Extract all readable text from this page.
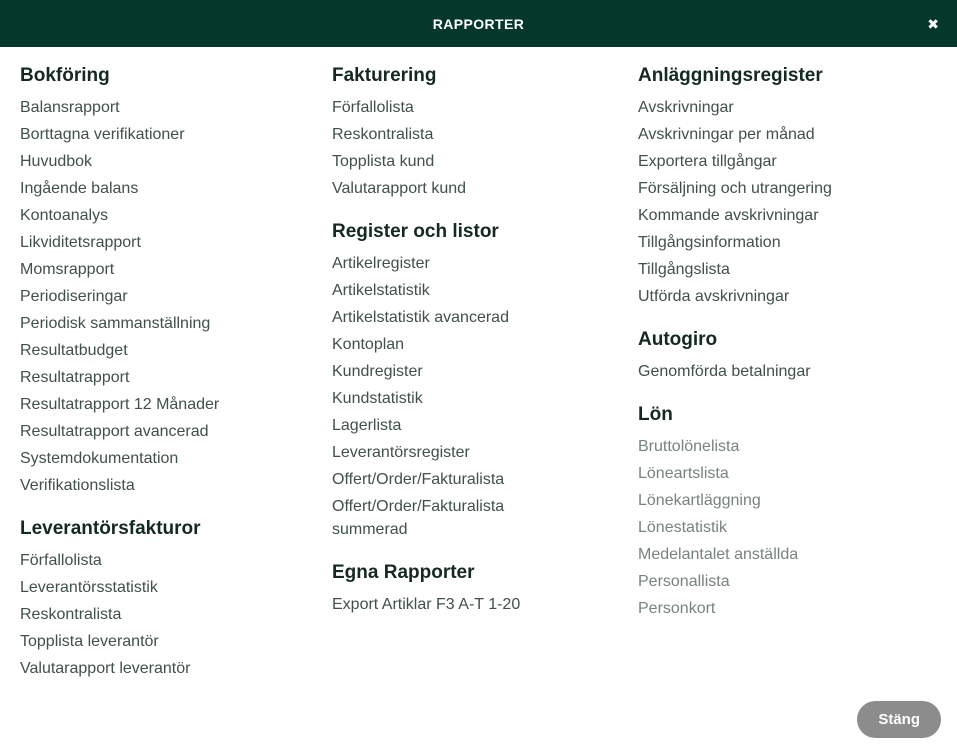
RAPPORTER	✖
Bokföring
Balansrapport
Borttagna verifikationer
Huvudbok
Ingående balans
Kontoanalys
Likviditetsrapport
Momsrapport
Periodiseringar
Periodisk sammanställning
Resultatbudget
Resultatrapport
Resultatrapport 12 Månader
Resultatrapport avancerad
Systemdokumentation
Verifikationslista
Leverantörsfakturor
Förfallolista
Leverantörsstatistik
Reskontralista
Topplista leverantör
Valutarapport leverantör
Fakturering
Förfallolista
Reskontralista
Topplista kund
Valutarapport kund
Register och listor
Artikelregister
Artikelstatistik
Artikelstatistik avancerad
Kontoplan
Kundregister
Kundstatistik
Lagerlista
Leverantörsregister
Offert/Order/Fakturalista
Offert/Order/Fakturalista summerad
Egna Rapporter
Export Artiklar F3 A-T 1-20
Anläggningsregister
Avskrivningar
Avskrivningar per månad
Exportera tillgångar
Försäljning och utrangering
Kommande avskrivningar
Tillgångsinformation
Tillgångslista
Utförda avskrivningar
Autogiro
Genomförda betalningar
Lön
Bruttolönelista
Löneartslista
Lönekartläggning
Lönestatistik
Medelantalet anställda
Personallista
Personkort
Stäng
